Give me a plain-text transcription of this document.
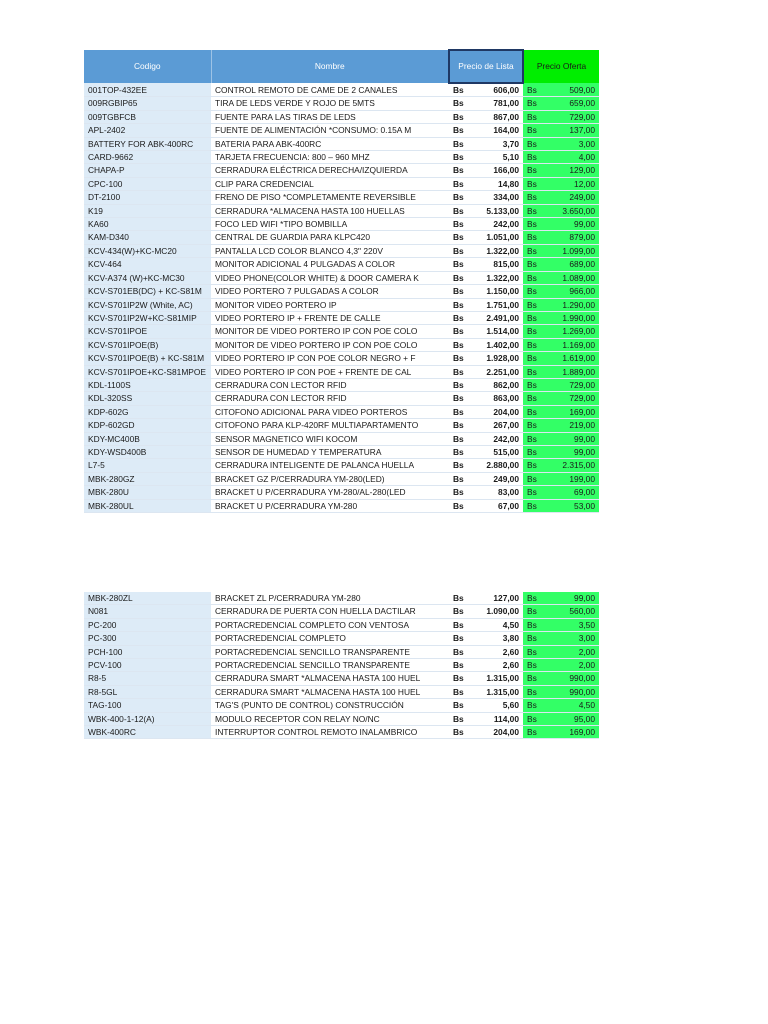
Codigo	Nombre	Precio de Lista		Precio Oferta	
001TOP-432EE	CONTROL REMOTO DE CAME DE 2 CANALES	Bs	606,00	Bs	509,00
009RGBIP65	TIRA DE LEDS VERDE Y ROJO DE 5MTS	Bs	781,00	Bs	659,00
009TGBFCB	FUENTE PARA LAS TIRAS DE LEDS	Bs	867,00	Bs	729,00
APL-2402	FUENTE DE ALIMENTACIÓN *CONSUMO: 0.15A M	Bs	164,00	Bs	137,00
BATTERY FOR ABK-400RC	BATERIA PARA ABK-400RC	Bs	3,70	Bs	3,00
CARD-9662	TARJETA FRECUENCIA: 800 – 960 MHZ	Bs	5,10	Bs	4,00
CHAPA-P	CERRADURA ELÉCTRICA DERECHA/IZQUIERDA	Bs	166,00	Bs	129,00
CPC-100	CLIP PARA CREDENCIAL	Bs	14,80	Bs	12,00
DT-2100	FRENO DE PISO *COMPLETAMENTE REVERSIBLE	Bs	334,00	Bs	249,00
K19	CERRADURA *ALMACENA HASTA 100 HUELLAS	Bs	5.133,00	Bs	3.650,00
KA60	FOCO LED WIFI *TIPO BOMBILLA	Bs	242,00	Bs	99,00
KAM-D340	CENTRAL DE GUARDIA PARA KLPC420	Bs	1.051,00	Bs	879,00
KCV-434(W)+KC-MC20	PANTALLA LCD COLOR BLANCO 4,3" 220V	Bs	1.322,00	Bs	1.099,00
KCV-464	MONITOR ADICIONAL 4 PULGADAS A COLOR	Bs	815,00	Bs	689,00
KCV-A374 (W)+KC-MC30	VIDEO PHONE(COLOR WHITE) & DOOR CAMERA K	Bs	1.322,00	Bs	1.089,00
KCV-S701EB(DC) + KC-S81M	VIDEO PORTERO 7 PULGADAS A COLOR	Bs	1.150,00	Bs	966,00
KCV-S701IP2W (White, AC)	MONITOR VIDEO PORTERO IP	Bs	1.751,00	Bs	1.290,00
KCV-S701IP2W+KC-S81MIP	VIDEO PORTERO IP + FRENTE DE CALLE	Bs	2.491,00	Bs	1.990,00
KCV-S701IPOE	MONITOR DE VIDEO PORTERO IP CON POE COLO	Bs	1.514,00	Bs	1.269,00
KCV-S701IPOE(B)	MONITOR DE VIDEO PORTERO IP CON POE COLO	Bs	1.402,00	Bs	1.169,00
KCV-S701IPOE(B) + KC-S81M	VIDEO PORTERO IP CON POE COLOR NEGRO + F	Bs	1.928,00	Bs	1.619,00
KCV-S701IPOE+KC-S81MPOE	VIDEO PORTERO IP CON POE + FRENTE DE CAL	Bs	2.251,00	Bs	1.889,00
KDL-1100S	CERRADURA CON LECTOR RFID	Bs	862,00	Bs	729,00
KDL-320SS	CERRADURA CON LECTOR RFID	Bs	863,00	Bs	729,00
KDP-602G	CITOFONO ADICIONAL PARA VIDEO PORTEROS	Bs	204,00	Bs	169,00
KDP-602GD	CITOFONO PARA KLP-420RF MULTIAPARTAMENTO	Bs	267,00	Bs	219,00
KDY-MC400B	SENSOR MAGNETICO WIFI KOCOM	Bs	242,00	Bs	99,00
KDY-WSD400B	SENSOR DE HUMEDAD Y TEMPERATURA	Bs	515,00	Bs	99,00
L7-5	CERRADURA INTELIGENTE DE PALANCA HUELLA	Bs	2.880,00	Bs	2.315,00
MBK-280GZ	BRACKET GZ P/CERRADURA YM-280(LED)	Bs	249,00	Bs	199,00
MBK-280U	BRACKET U P/CERRADURA YM-280/AL-280(LED	Bs	83,00	Bs	69,00
MBK-280UL	BRACKET U P/CERRADURA YM-280	Bs	67,00	Bs	53,00
MBK-280ZL	BRACKET ZL P/CERRADURA YM-280	Bs	127,00	Bs	99,00
N081	CERRADURA DE PUERTA CON HUELLA DACTILAR	Bs	1.090,00	Bs	560,00
PC-200	PORTACREDENCIAL COMPLETO CON VENTOSA	Bs	4,50	Bs	3,50
PC-300	PORTACREDENCIAL COMPLETO	Bs	3,80	Bs	3,00
PCH-100	PORTACREDENCIAL SENCILLO TRANSPARENTE	Bs	2,60	Bs	2,00
PCV-100	PORTACREDENCIAL SENCILLO TRANSPARENTE	Bs	2,60	Bs	2,00
R8-5	CERRADURA SMART *ALMACENA HASTA 100 HUEL	Bs	1.315,00	Bs	990,00
R8-5GL	CERRADURA SMART *ALMACENA HASTA 100 HUEL	Bs	1.315,00	Bs	990,00
TAG-100	TAG'S (PUNTO DE CONTROL) CONSTRUCCIÓN	Bs	5,60	Bs	4,50
WBK-400-1-12(A)	MODULO RECEPTOR CON RELAY NO/NC	Bs	114,00	Bs	95,00
WBK-400RC	INTERRUPTOR CONTROL REMOTO INALAMBRICO	Bs	204,00	Bs	169,00
